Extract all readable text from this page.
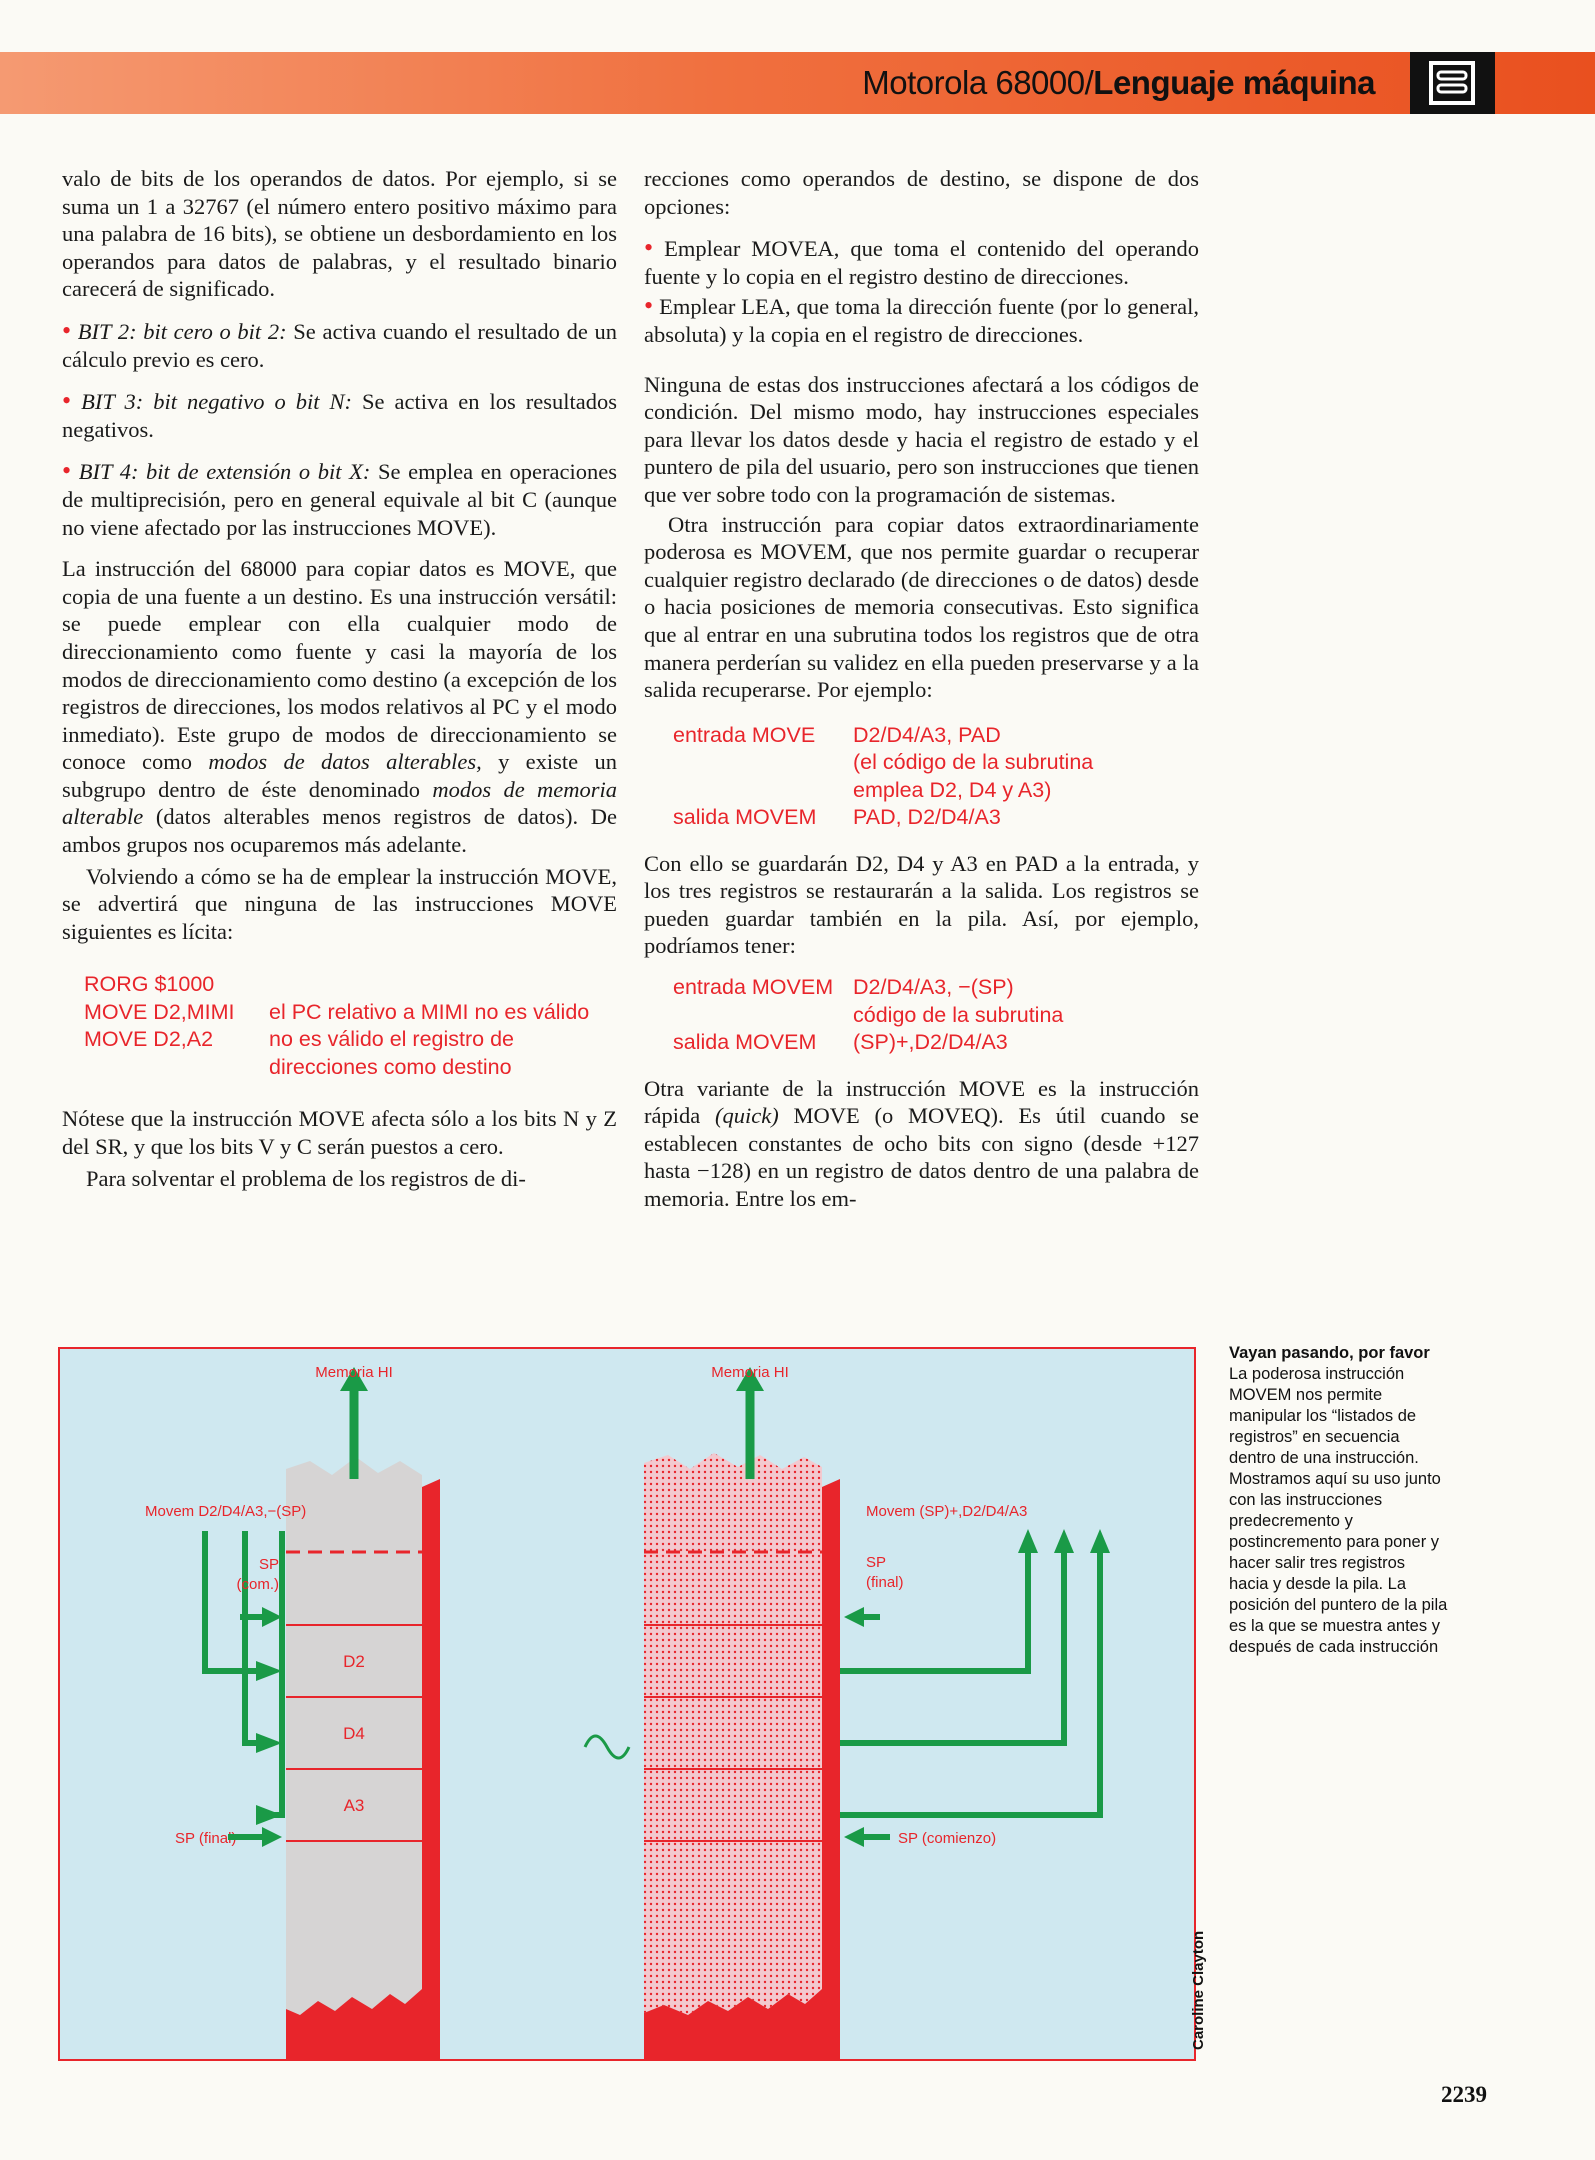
Motorola 68000/Lenguaje máquina

valo de bits de los operandos de datos. Por ejemplo, si se suma un 1 a 32767 (el número entero positivo máximo para una palabra de 16 bits), se obtiene un desbordamiento en los operandos para datos de palabras, y el resultado binario carecerá de significado.

• BIT 2: bit cero o bit 2: Se activa cuando el resultado de un cálculo previo es cero.

• BIT 3: bit negativo o bit N: Se activa en los resultados negativos.

• BIT 4: bit de extensión o bit X: Se emplea en operaciones de multiprecisión, pero en general equivale al bit C (aunque no viene afectado por las instrucciones MOVE).

La instrucción del 68000 para copiar datos es MOVE, que copia de una fuente a un destino. Es una instrucción versátil: se puede emplear con ella cualquier modo de direccionamiento como fuente y casi la mayoría de los modos de direccionamiento como destino (a excepción de los registros de direcciones, los modos relativos al PC y el modo inmediato). Este grupo de modos de direccionamiento se conoce como modos de datos alterables, y existe un subgrupo dentro de éste denominado modos de memoria alterable (datos alterables menos registros de datos). De ambos grupos nos ocuparemos más adelante.

Volviendo a cómo se ha de emplear la instrucción MOVE, se advertirá que ninguna de las instrucciones MOVE siguientes es lícita:

RORG $1000	
MOVE D2,MIMI	el PC relativo a MIMI no es válido
MOVE D2,A2	no es válido el registro de
	direcciones como destino

Nótese que la instrucción MOVE afecta sólo a los bits N y Z del SR, y que los bits V y C serán puestos a cero.

Para solventar el problema de los registros de di-

recciones como operandos de destino, se dispone de dos opciones:

• Emplear MOVEA, que toma el contenido del operando fuente y lo copia en el registro destino de direcciones.

• Emplear LEA, que toma la dirección fuente (por lo general, absoluta) y la copia en el registro de direcciones.

Ninguna de estas dos instrucciones afectará a los códigos de condición. Del mismo modo, hay instrucciones especiales para llevar los datos desde y hacia el registro de estado y el puntero de pila del usuario, pero son instrucciones que tienen que ver sobre todo con la programación de sistemas.

Otra instrucción para copiar datos extraordinariamente poderosa es MOVEM, que nos permite guardar o recuperar cualquier registro declarado (de direcciones o de datos) desde o hacia posiciones de memoria consecutivas. Esto significa que al entrar en una subrutina todos los registros que de otra manera perderían su validez en ella pueden preservarse y a la salida recuperarse. Por ejemplo:

entrada MOVE	D2/D4/A3, PAD
	(el código de la subrutina
	emplea D2, D4 y A3)
salida MOVEM	PAD, D2/D4/A3

Con ello se guardarán D2, D4 y A3 en PAD a la entrada, y los tres registros se restaurarán a la salida. Los registros se pueden guardar también en la pila. Así, por ejemplo, podríamos tener:

entrada MOVEM	D2/D4/A3, −(SP)
	código de la subrutina
salida MOVEM	(SP)+,D2/D4/A3

Otra variante de la instrucción MOVE es la instrucción rápida (quick) MOVE (o MOVEQ). Es útil cuando se establecen constantes de ocho bits con signo (desde +127 hasta −128) en un registro de datos dentro de una palabra de memoria. Entre los em-

D2
D4
A3
Memoria HI	Memoria HI
Movem D2/D4/A3,−(SP)
SP
(com.)
SP (final)
Movem (SP)+,D2/D4/A3
SP
(final)
SP (comienzo)
Vayan pasando, por favor
La poderosa instrucción MOVEM nos permite manipular los “listados de registros” en secuencia dentro de una instrucción. Mostramos aquí su uso junto con las instrucciones predecremento y postincremento para poner y hacer salir tres registros hacia y desde la pila. La posición del puntero de la pila es la que se muestra antes y después de cada instrucción
Caroline Clayton
2239
